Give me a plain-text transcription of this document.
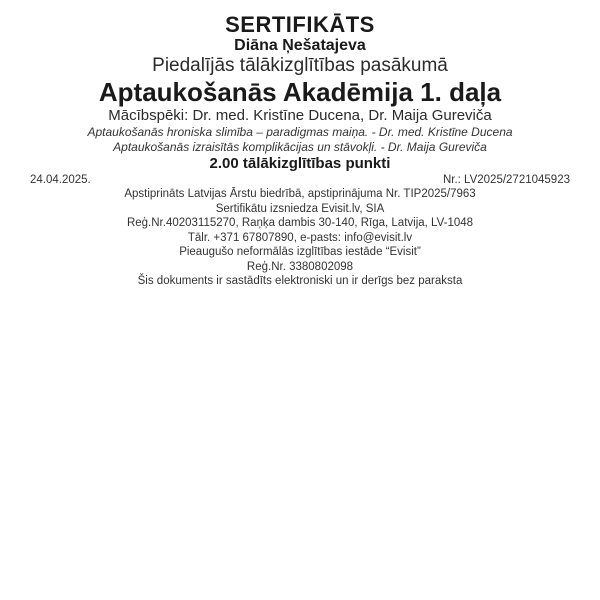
SERTIFIKĀTS
Diāna Ņešatajeva
Piedalījās tālākizglītības pasākumā
Aptaukošanās Akadēmija 1. daļa
Mācībspēki: Dr. med. Kristīne Ducena, Dr. Maija Gureviča
Aptaukošanās hroniska slimība – paradigmas maiņa. - Dr. med. Kristīne Ducena
Aptaukošanās izraisītās komplikācijas un stāvokļi. - Dr. Maija Gureviča
2.00 tālākizglītības punkti
24.04.2025.	Nr.: LV2025/2721045923
Apstiprināts Latvijas Ārstu biedrībā, apstiprinājuma Nr. TIP2025/7963
Sertifikātu izsniedza Evisit.lv, SIA
Reģ.Nr.40203115270, Raņķa dambis 30-140, Rīga, Latvija, LV-1048
Tālr. +371 67807890, e-pasts: info@evisit.lv
Pieaugušo neformālās izglītības iestāde “Evisit”
Reģ.Nr. 3380802098
Šis dokuments ir sastādīts elektroniski un ir derīgs bez paraksta
